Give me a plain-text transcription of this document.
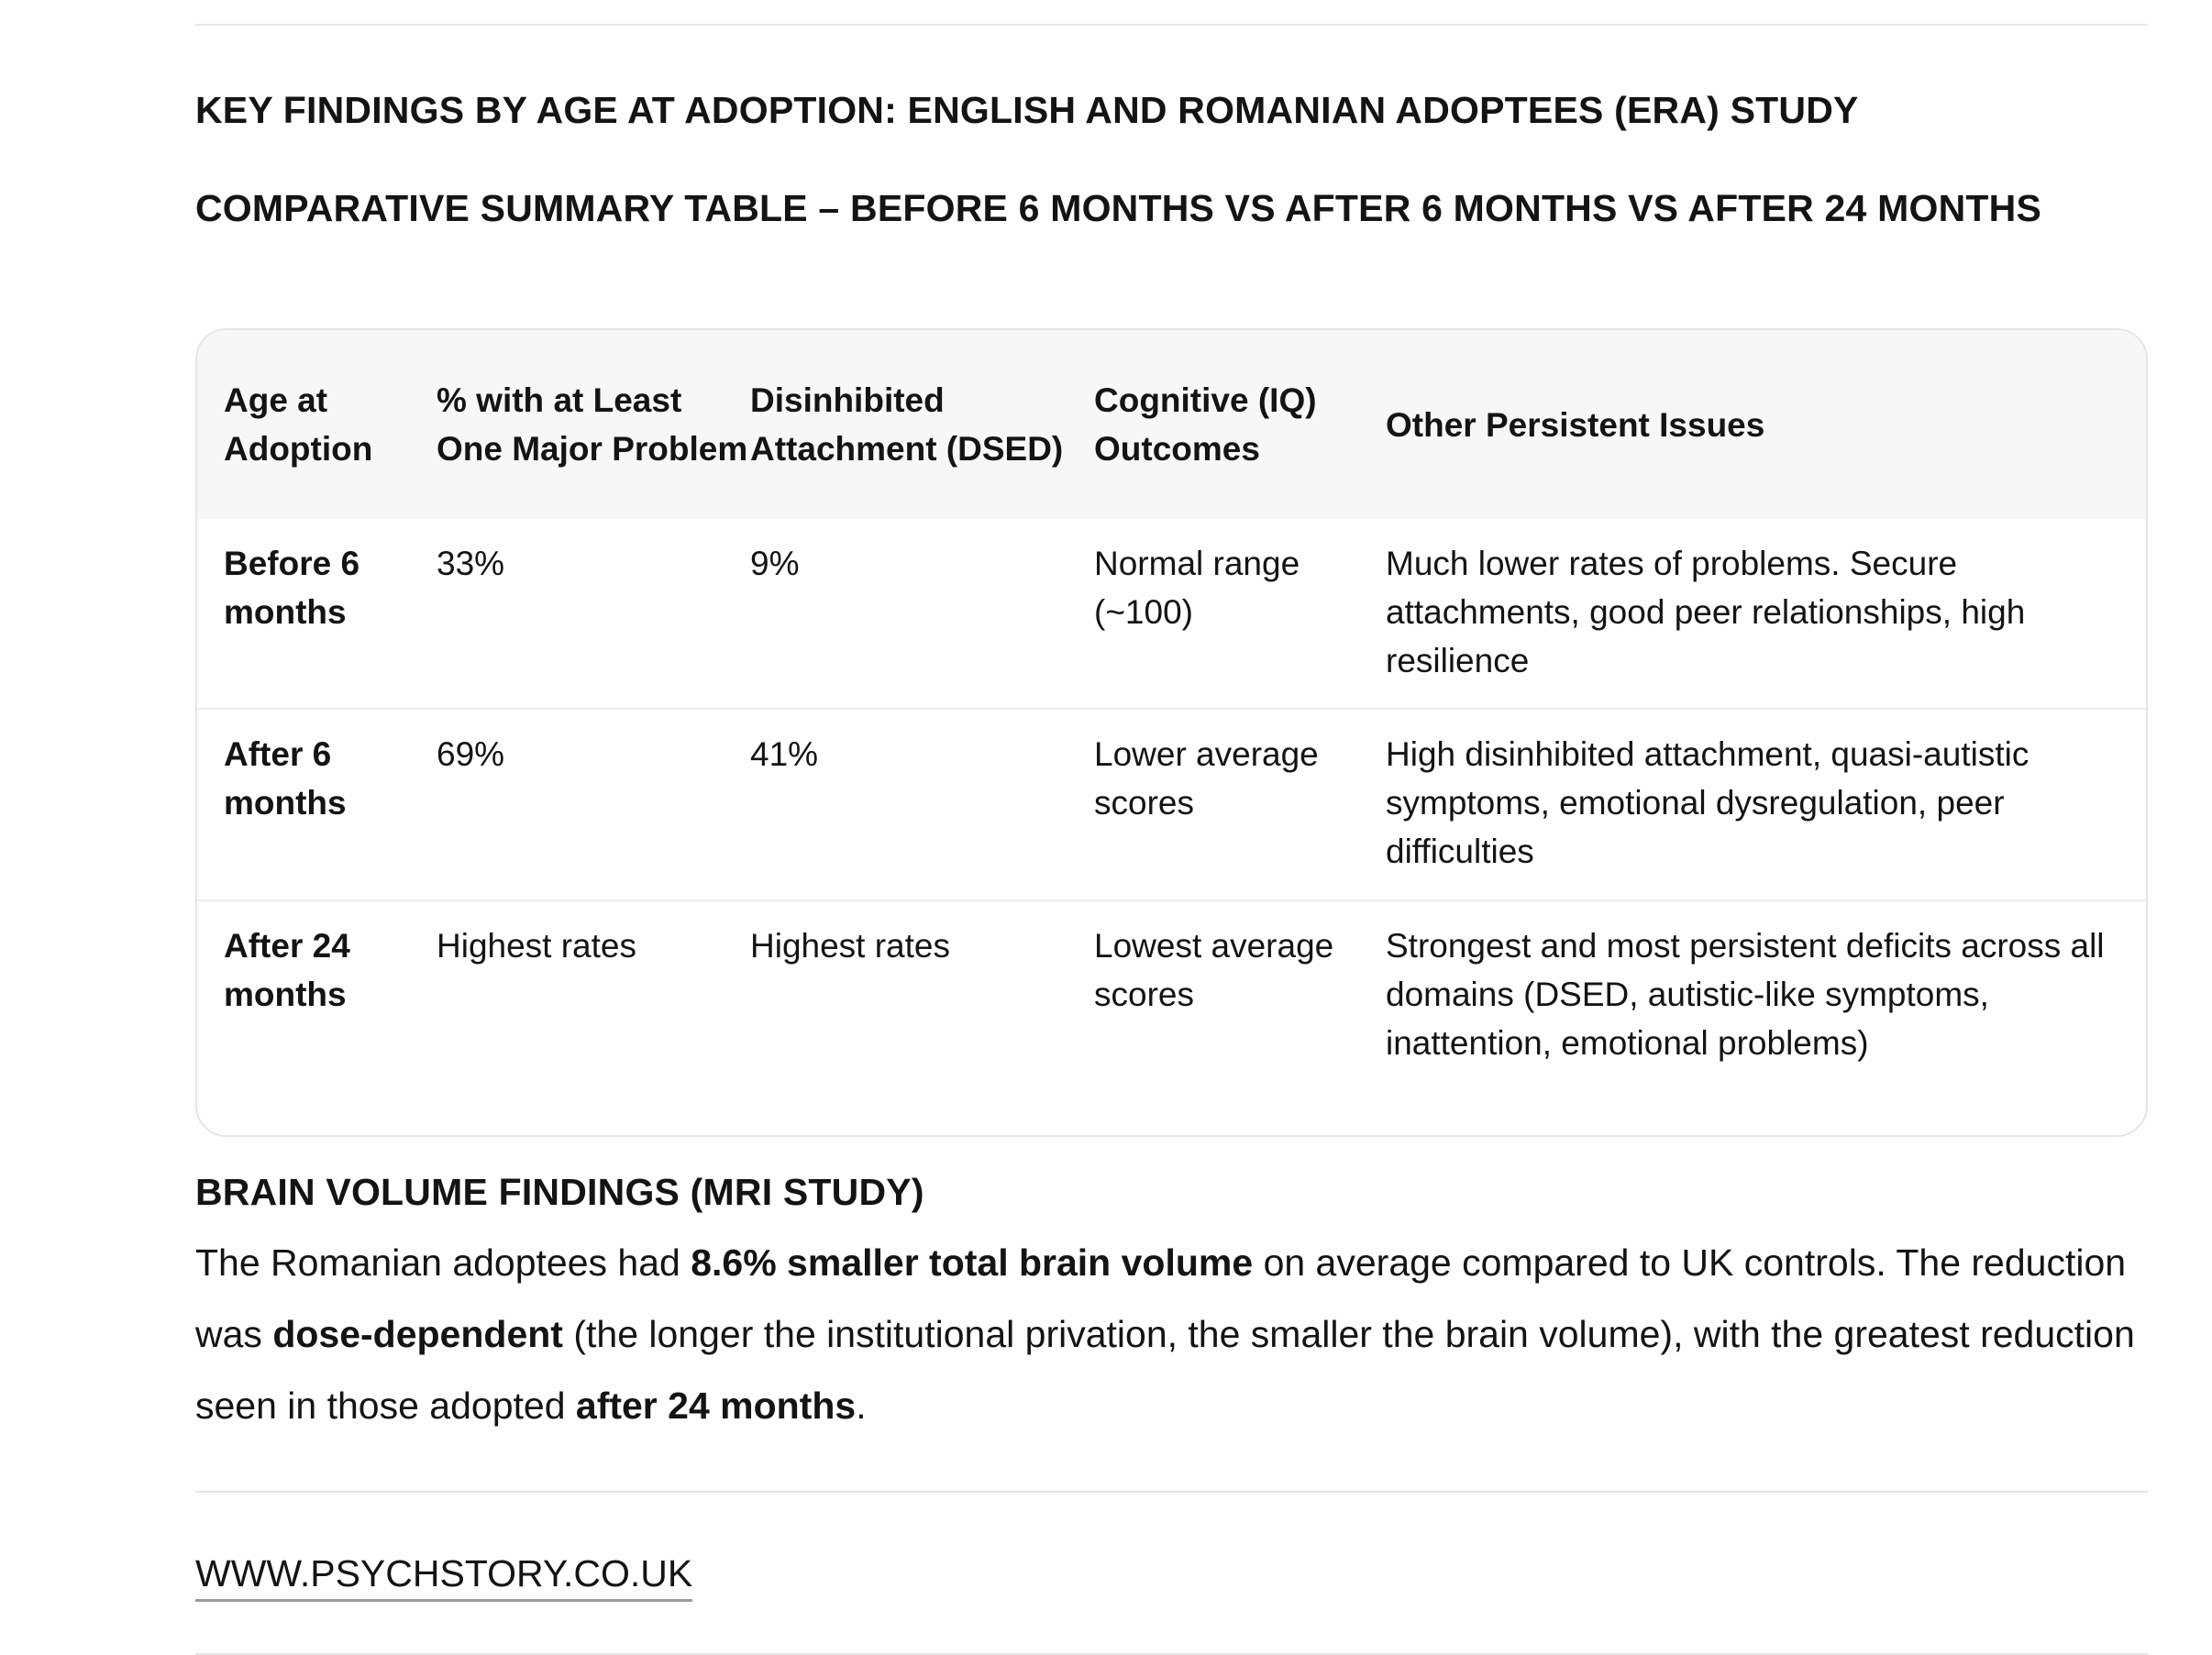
KEY FINDINGS BY AGE AT ADOPTION: ENGLISH AND ROMANIAN ADOPTEES (ERA) STUDY
COMPARATIVE SUMMARY TABLE – BEFORE 6 MONTHS VS AFTER 6 MONTHS VS AFTER 24 MONTHS
Age at Adoption	% with at Least One Major Problem	Disinhibited Attachment (DSED)	Cognitive (IQ) Outcomes	Other Persistent Issues
Before 6 months	33%	9%	Normal range (~100)	Much lower rates of problems. Secure attachments, good peer relationships, high resilience
After 6 months	69%	41%	Lower average scores	High disinhibited attachment, quasi-autistic symptoms, emotional dysregulation, peer difficulties
After 24 months	Highest rates	Highest rates	Lowest average scores	Strongest and most persistent deficits across all domains (DSED, autistic-like symptoms, inattention, emotional problems)
BRAIN VOLUME FINDINGS (MRI STUDY)

The Romanian adoptees had 8.6% smaller total brain volume on average compared to UK controls. The reduction was dose-dependent (the longer the institutional privation, the smaller the brain volume), with the greatest reduction seen in those adopted after 24 months.

WWW.PSYCHSTORY.CO.UK
